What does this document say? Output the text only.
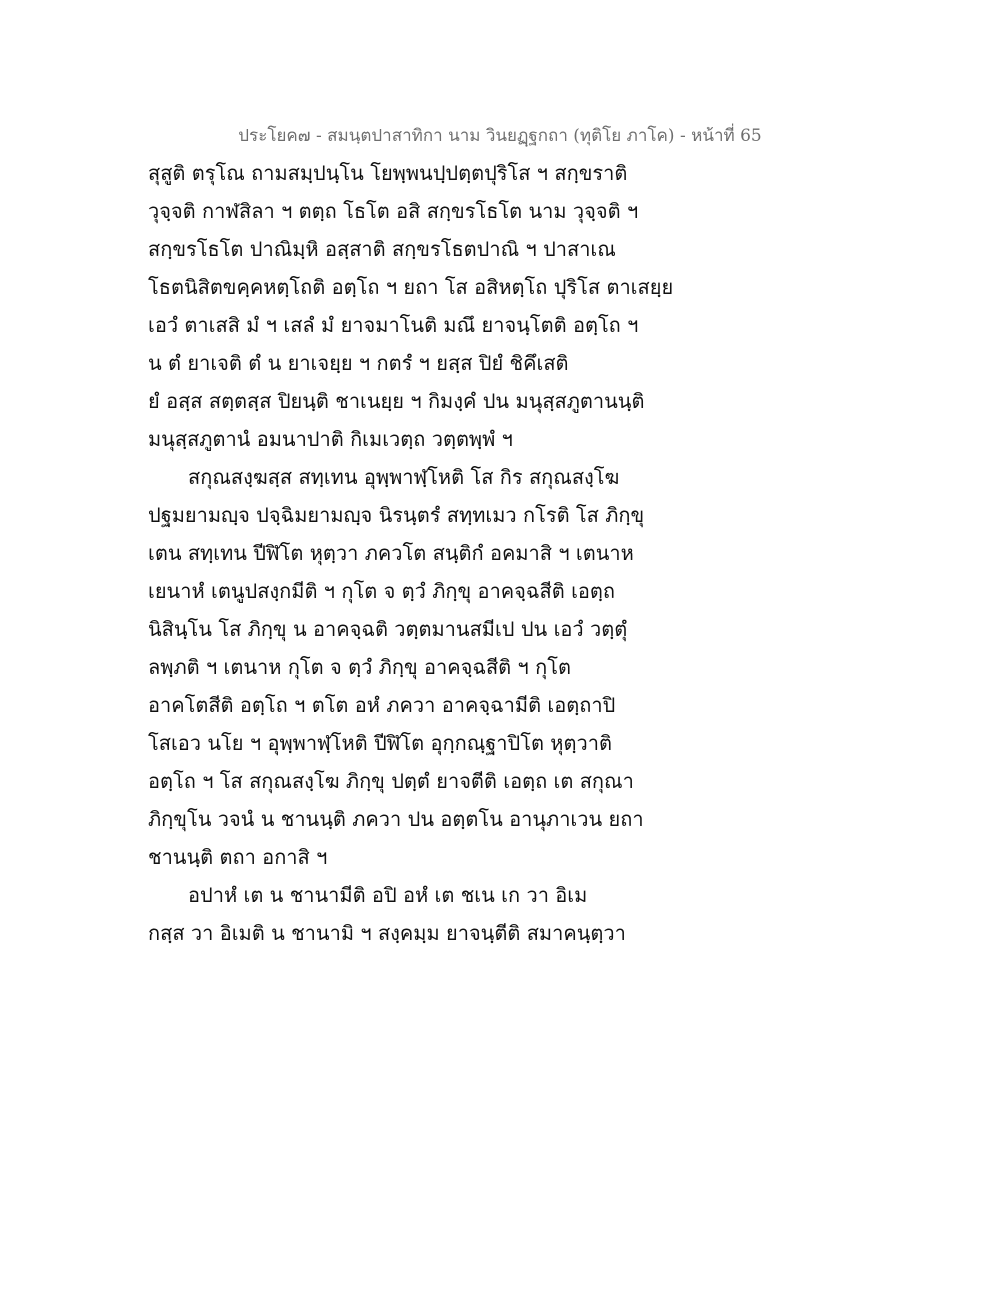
ประโยค๗ - สมนฺตปาสาทิกา นาม วินยฏฺฐกถา (ทุติโย ภาโค) - หน้าที่ 65
สุสูติ ตรุโณ ถามสมฺปนฺโน โยพฺพนปฺปตฺตปุริโส ฯ สกฺขราติ
วุจฺจติ กาฬสิลา ฯ ตตฺถ โธโต อสิ สกฺขรโธโต นาม วุจฺจติ ฯ
สกฺขรโธโต ปาณิมฺหิ อสฺสาติ สกฺขรโธตปาณิ ฯ ปาสาเณ
โธตนิสิตขคฺคหตฺโถติ อตฺโถ ฯ ยถา โส อสิหตฺโถ ปุริโส ตาเสยฺย
เอวํ ตาเสสิ มํ ฯ เสลํ มํ ยาจมาโนติ มณึ ยาจนฺโตติ อตฺโถ ฯ
น ตํ ยาเจติ ตํ น ยาเจยฺย ฯ กตรํ ฯ ยสฺส ปิยํ ชิคึเสติ
ยํ อสฺส สตฺตสฺส ปิยนฺติ ชาเนยฺย ฯ กิมงฺคํ ปน มนุสฺสภูตานนฺติ
มนุสฺสภูตานํ อมนาปาติ กิเมเวตฺถ วตฺตพฺพํ ฯ
สกุณสงฺฆสฺส สทฺเทน อุพฺพาฬฺโหติ โส กิร สกุณสงฺโฆ
ปฐมยามญฺจ ปจฺฉิมยามญฺจ นิรนฺตรํ สทฺทเมว กโรติ โส ภิกฺขุ
เตน สทฺเทน ปีฬิโต หุตฺวา ภควโต สนฺติกํ อคมาสิ ฯ เตนาห
เยนาหํ เตนูปสงฺกมีติ ฯ กุโต จ ตฺวํ ภิกฺขุ อาคจฺฉสีติ เอตฺถ
นิสินฺโน โส ภิกฺขุ น อาคจฺฉติ วตฺตมานสมีเป ปน เอวํ วตฺตุํ
ลพฺภติ ฯ เตนาห กุโต จ ตฺวํ ภิกฺขุ อาคจฺฉสีติ ฯ กุโต
อาคโตสีติ อตฺโถ ฯ ตโต อหํ ภควา อาคจฺฉามีติ เอตฺถาปิ
โสเอว นโย ฯ อุพฺพาฬฺโหติ ปีฬิโต อุกฺกณฺฐาปิโต หุตฺวาติ
อตฺโถ ฯ โส สกุณสงฺโฆ ภิกฺขุ ปตฺตํ ยาจตีติ เอตฺถ เต สกุณา
ภิกฺขุโน วจนํ น ชานนฺติ ภควา ปน อตฺตโน อานุภาเวน ยถา
ชานนฺติ ตถา อกาสิ ฯ
อปาหํ เต น ชานามีติ อปิ อหํ เต ชเน เก วา อิเม
กสฺส วา อิเมติ น ชานามิ ฯ สงฺคมฺม ยาจนฺตีติ สมาคนฺตฺวา
